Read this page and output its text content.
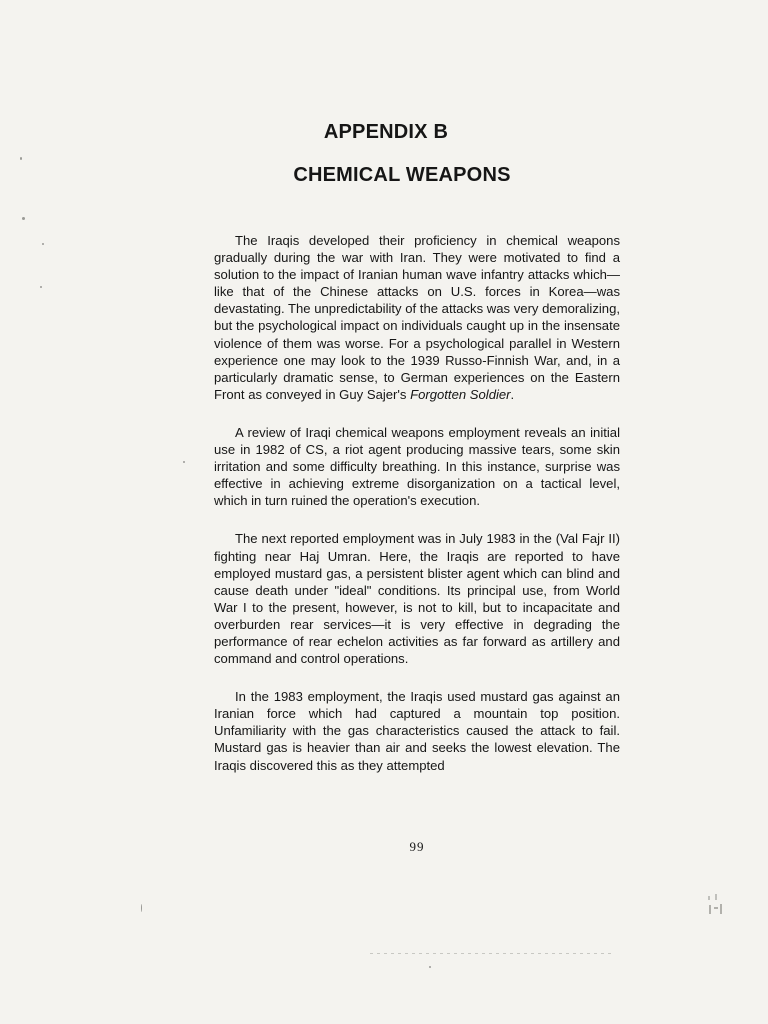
APPENDIX B
CHEMICAL WEAPONS

The Iraqis developed their proficiency in chemical weapons gradually during the war with Iran. They were motivated to find a solution to the impact of Iranian human wave infantry attacks which—like that of the Chinese attacks on U.S. forces in Korea—was devastating. The unpredictability of the attacks was very demoralizing, but the psychological impact on individuals caught up in the insensate violence of them was worse. For a psychological parallel in Western experience one may look to the 1939 Russo-Finnish War, and, in a particularly dramatic sense, to German experiences on the Eastern Front as conveyed in Guy Sajer's Forgotten Soldier.

A review of Iraqi chemical weapons employment reveals an initial use in 1982 of CS, a riot agent producing massive tears, some skin irritation and some difficulty breathing. In this instance, surprise was effective in achieving extreme disorganization on a tactical level, which in turn ruined the operation's execution.

The next reported employment was in July 1983 in the (Val Fajr II) fighting near Haj Umran. Here, the Iraqis are reported to have employed mustard gas, a persistent blister agent which can blind and cause death under "ideal" conditions. Its principal use, from World War I to the present, however, is not to kill, but to incapacitate and overburden rear services—it is very effective in degrading the performance of rear echelon activities as far forward as artillery and command and control operations.

In the 1983 employment, the Iraqis used mustard gas against an Iranian force which had captured a mountain top position. Unfamiliarity with the gas characteristics caused the attack to fail. Mustard gas is heavier than air and seeks the lowest elevation. The Iraqis discovered this as they attempted

99
